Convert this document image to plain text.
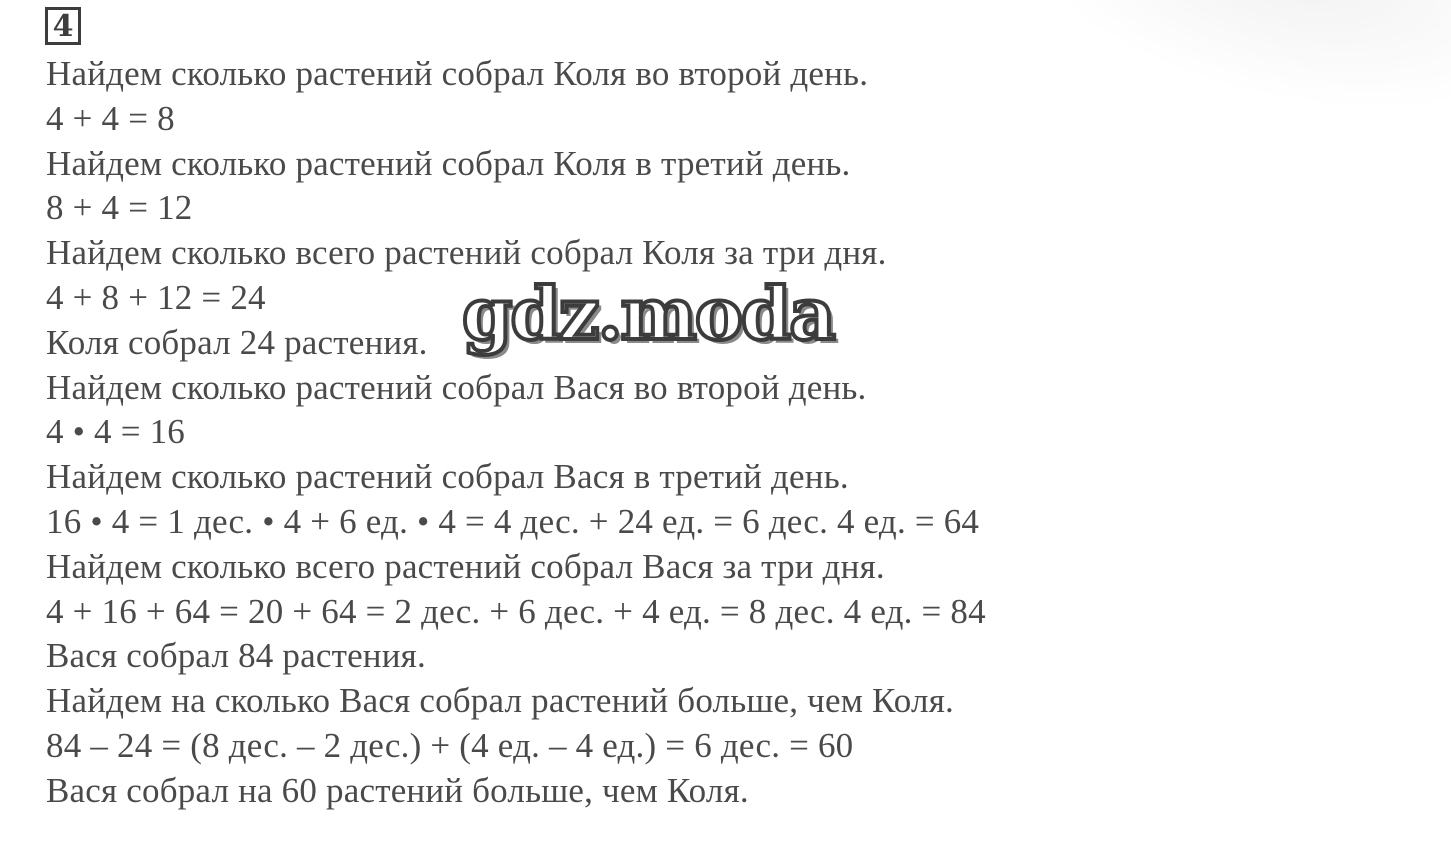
4
Найдем сколько растений собрал Коля во второй день.
4 + 4 = 8
Найдем сколько растений собрал Коля в третий день.
8 + 4 = 12
Найдем сколько всего растений собрал Коля за три дня.
4 + 8 + 12 = 24
Коля собрал 24 растения.
Найдем сколько растений собрал Вася во второй день.
4 • 4 = 16
Найдем сколько растений собрал Вася в третий день.
16 • 4 = 1 дес. • 4 + 6 ед. • 4 = 4 дес. + 24 ед. = 6 дес. 4 ед. = 64
Найдем сколько всего растений собрал Вася за три дня.
4 + 16 + 64 = 20 + 64 = 2 дес. + 6 дес. + 4 ед. = 8 дес. 4 ед. = 84
Вася собрал 84 растения.
Найдем на сколько Вася собрал растений больше, чем Коля.
84 – 24 = (8 дес. – 2 дес.) + (4 ед. – 4 ед.) = 6 дес. = 60
Вася собрал на 60 растений больше, чем Коля.
gdz.moda
